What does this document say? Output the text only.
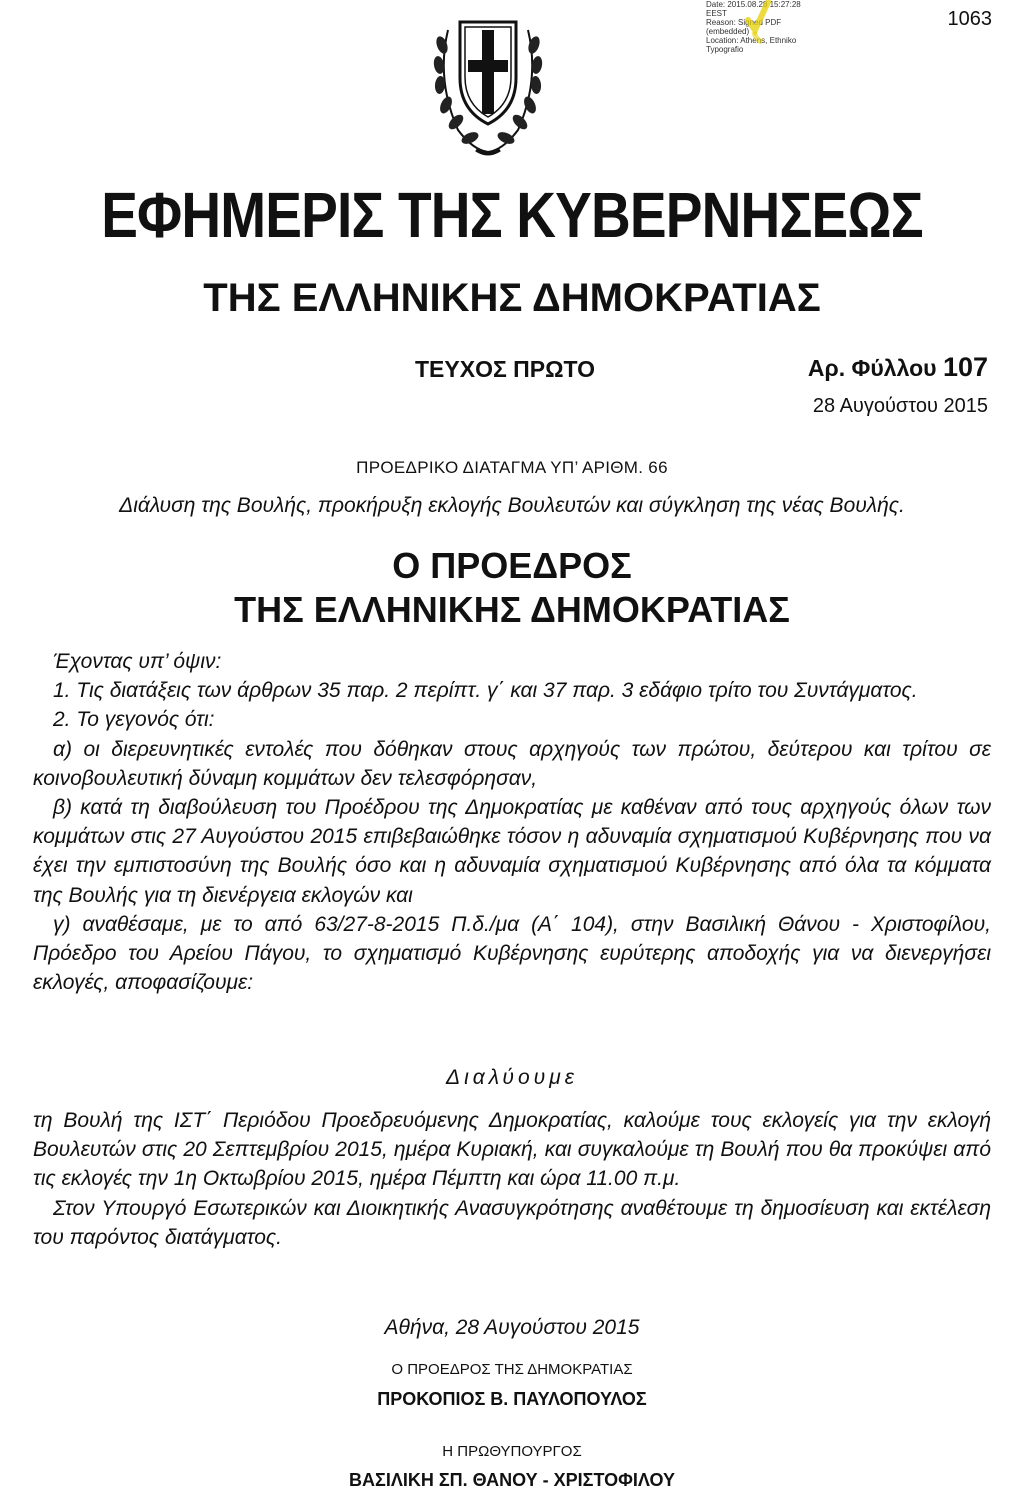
Date: 2015.08.28 15:27:28
EEST
Reason: Signed PDF
(embedded)
Location: Athens, Ethniko
Typografio
1063
ΕΦΗΜΕΡΙΣ ΤΗΣ ΚΥΒΕΡΝΗΣΕΩΣ
ΤΗΣ ΕΛΛΗΝΙΚΗΣ ΔΗΜΟΚΡΑΤΙΑΣ
ΤΕΥΧΟΣ ΠΡΩΤΟ	Αρ. Φύλλου 107
28 Αυγούστου 2015
ΠΡΟΕΔΡΙΚΟ ΔΙΑΤΑΓΜΑ ΥΠ’ ΑΡΙΘΜ. 66
Διάλυση της Βουλής, προκήρυξη εκλογής Βουλευτών και σύγκληση της νέας Βουλής.
Ο ΠΡΟΕΔΡΟΣ
ΤΗΣ ΕΛΛΗΝΙΚΗΣ ΔΗΜΟΚΡΑΤΙΑΣ

Έχοντας υπ’ όψιν:

1. Τις διατάξεις των άρθρων 35 παρ. 2 περίπτ. γ΄ και 37 παρ. 3 εδάφιο τρίτο του Συντάγματος.

2. Το γεγονός ότι:

α) οι διερευνητικές εντολές που δόθηκαν στους αρχηγούς των πρώτου, δεύτερου και τρίτου σε κοινοβουλευτική δύναμη κομμάτων δεν τελεσφόρησαν,

β) κατά τη διαβούλευση του Προέδρου της Δημοκρατίας με καθέναν από τους αρχηγούς όλων των κομμάτων στις 27 Αυγούστου 2015 επιβεβαιώθηκε τόσον η αδυναμία σχηματισμού Κυβέρνησης που να έχει την εμπιστοσύνη της Βουλής όσο και η αδυναμία σχηματισμού Κυβέρνησης από όλα τα κόμματα της Βουλής για τη διενέργεια εκλογών και

γ) αναθέσαμε, με το από 63/27-8-2015 Π.δ./μα (Α΄ 104), στην Βασιλική Θάνου - Χριστοφίλου, Πρόεδρο του Αρείου Πάγου, το σχηματισμό Κυβέρνησης ευρύτερης αποδοχής για να διενεργήσει εκλογές, αποφασίζουμε:

Διαλύουμε

τη Βουλή της ΙΣΤ΄ Περιόδου Προεδρευόμενης Δημοκρατίας, καλούμε τους εκλογείς για την εκλογή Βουλευτών στις 20 Σεπτεμβρίου 2015, ημέρα Κυριακή, και συγκαλούμε τη Βουλή που θα προκύψει από τις εκλογές την 1η Οκτωβρίου 2015, ημέρα Πέμπτη και ώρα 11.00 π.μ.

Στον Υπουργό Εσωτερικών και Διοικητικής Ανασυγκρότησης αναθέτουμε τη δημοσίευση και εκτέλεση του παρόντος διατάγματος.

Αθήνα, 28 Αυγούστου 2015
Ο ΠΡΟΕΔΡΟΣ ΤΗΣ ΔΗΜΟΚΡΑΤΙΑΣ
ΠΡΟΚΟΠΙΟΣ Β. ΠΑΥΛΟΠΟΥΛΟΣ
Η ΠΡΩΘΥΠΟΥΡΓΟΣ
ΒΑΣΙΛΙΚΗ ΣΠ. ΘΑΝΟΥ - ΧΡΙΣΤΟΦΙΛΟΥ
